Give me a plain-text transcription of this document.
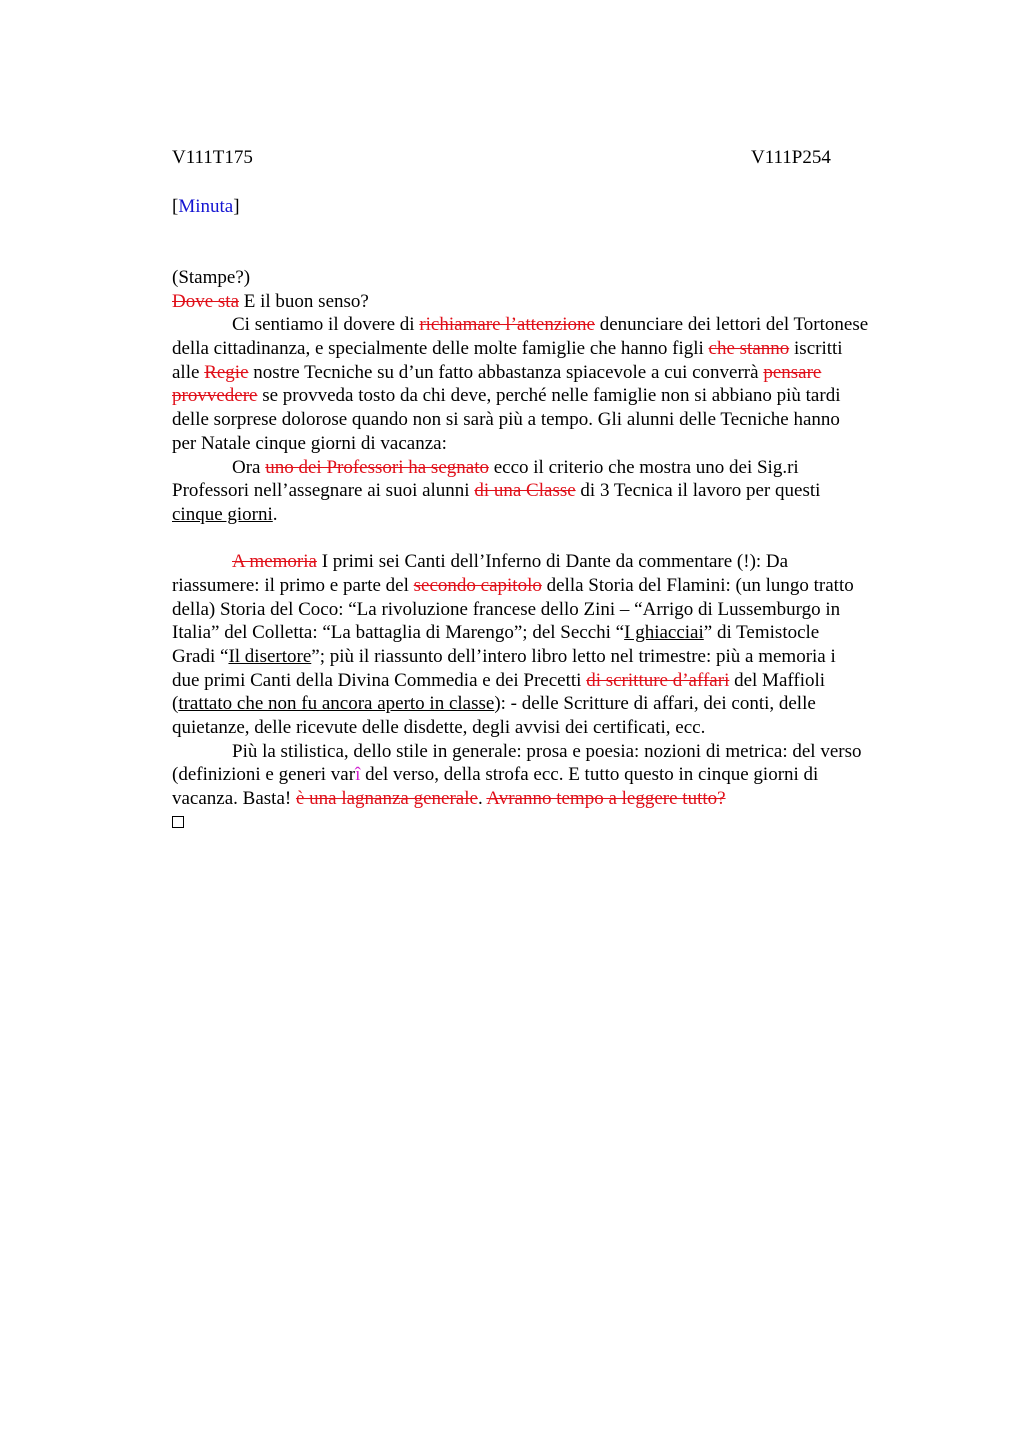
V111T175	V111P254
[Minuta]
(Stampe?)
Dove sta E il buon senso?
Ci sentiamo il dovere di richiamare l’attenzione denunciare dei lettori del Tortonese
della cittadinanza, e specialmente delle molte famiglie che hanno figli che stanno iscritti
alle Regie nostre Tecniche su d’un fatto abbastanza spiacevole a cui converrà pensare
provvedere se provveda tosto da chi deve, perché nelle famiglie non si abbiano più tardi
delle sorprese dolorose quando non si sarà più a tempo. Gli alunni delle Tecniche hanno
per Natale cinque giorni di vacanza:
Ora uno dei Professori ha segnato ecco il criterio che mostra uno dei Sig.ri
Professori nell’assegnare ai suoi alunni di una Classe di 3 Tecnica il lavoro per questi
cinque giorni.
A memoria I primi sei Canti dell’Inferno di Dante da commentare (!): Da
riassumere: il primo e parte del secondo capitolo della Storia del Flamini: (un lungo tratto
della) Storia del Coco: “La rivoluzione francese dello Zini – “Arrigo di Lussemburgo in
Italia” del Colletta: “La battaglia di Marengo”; del Secchi “I ghiacciai” di Temistocle
Gradi “Il disertore”; più il riassunto dell’intero libro letto nel trimestre: più a memoria i
due primi Canti della Divina Commedia e dei Precetti di scritture d’affari del Maffioli
(trattato che non fu ancora aperto in classe): - delle Scritture di affari, dei conti, delle
quietanze, delle ricevute delle disdette, degli avvisi dei certificati, ecc.
Più la stilistica, dello stile in generale: prosa e poesia: nozioni di metrica: del verso
(definizioni e generi varî del verso, della strofa ecc. E tutto questo in cinque giorni di
vacanza. Basta! è una lagnanza generale. Avranno tempo a leggere tutto?
